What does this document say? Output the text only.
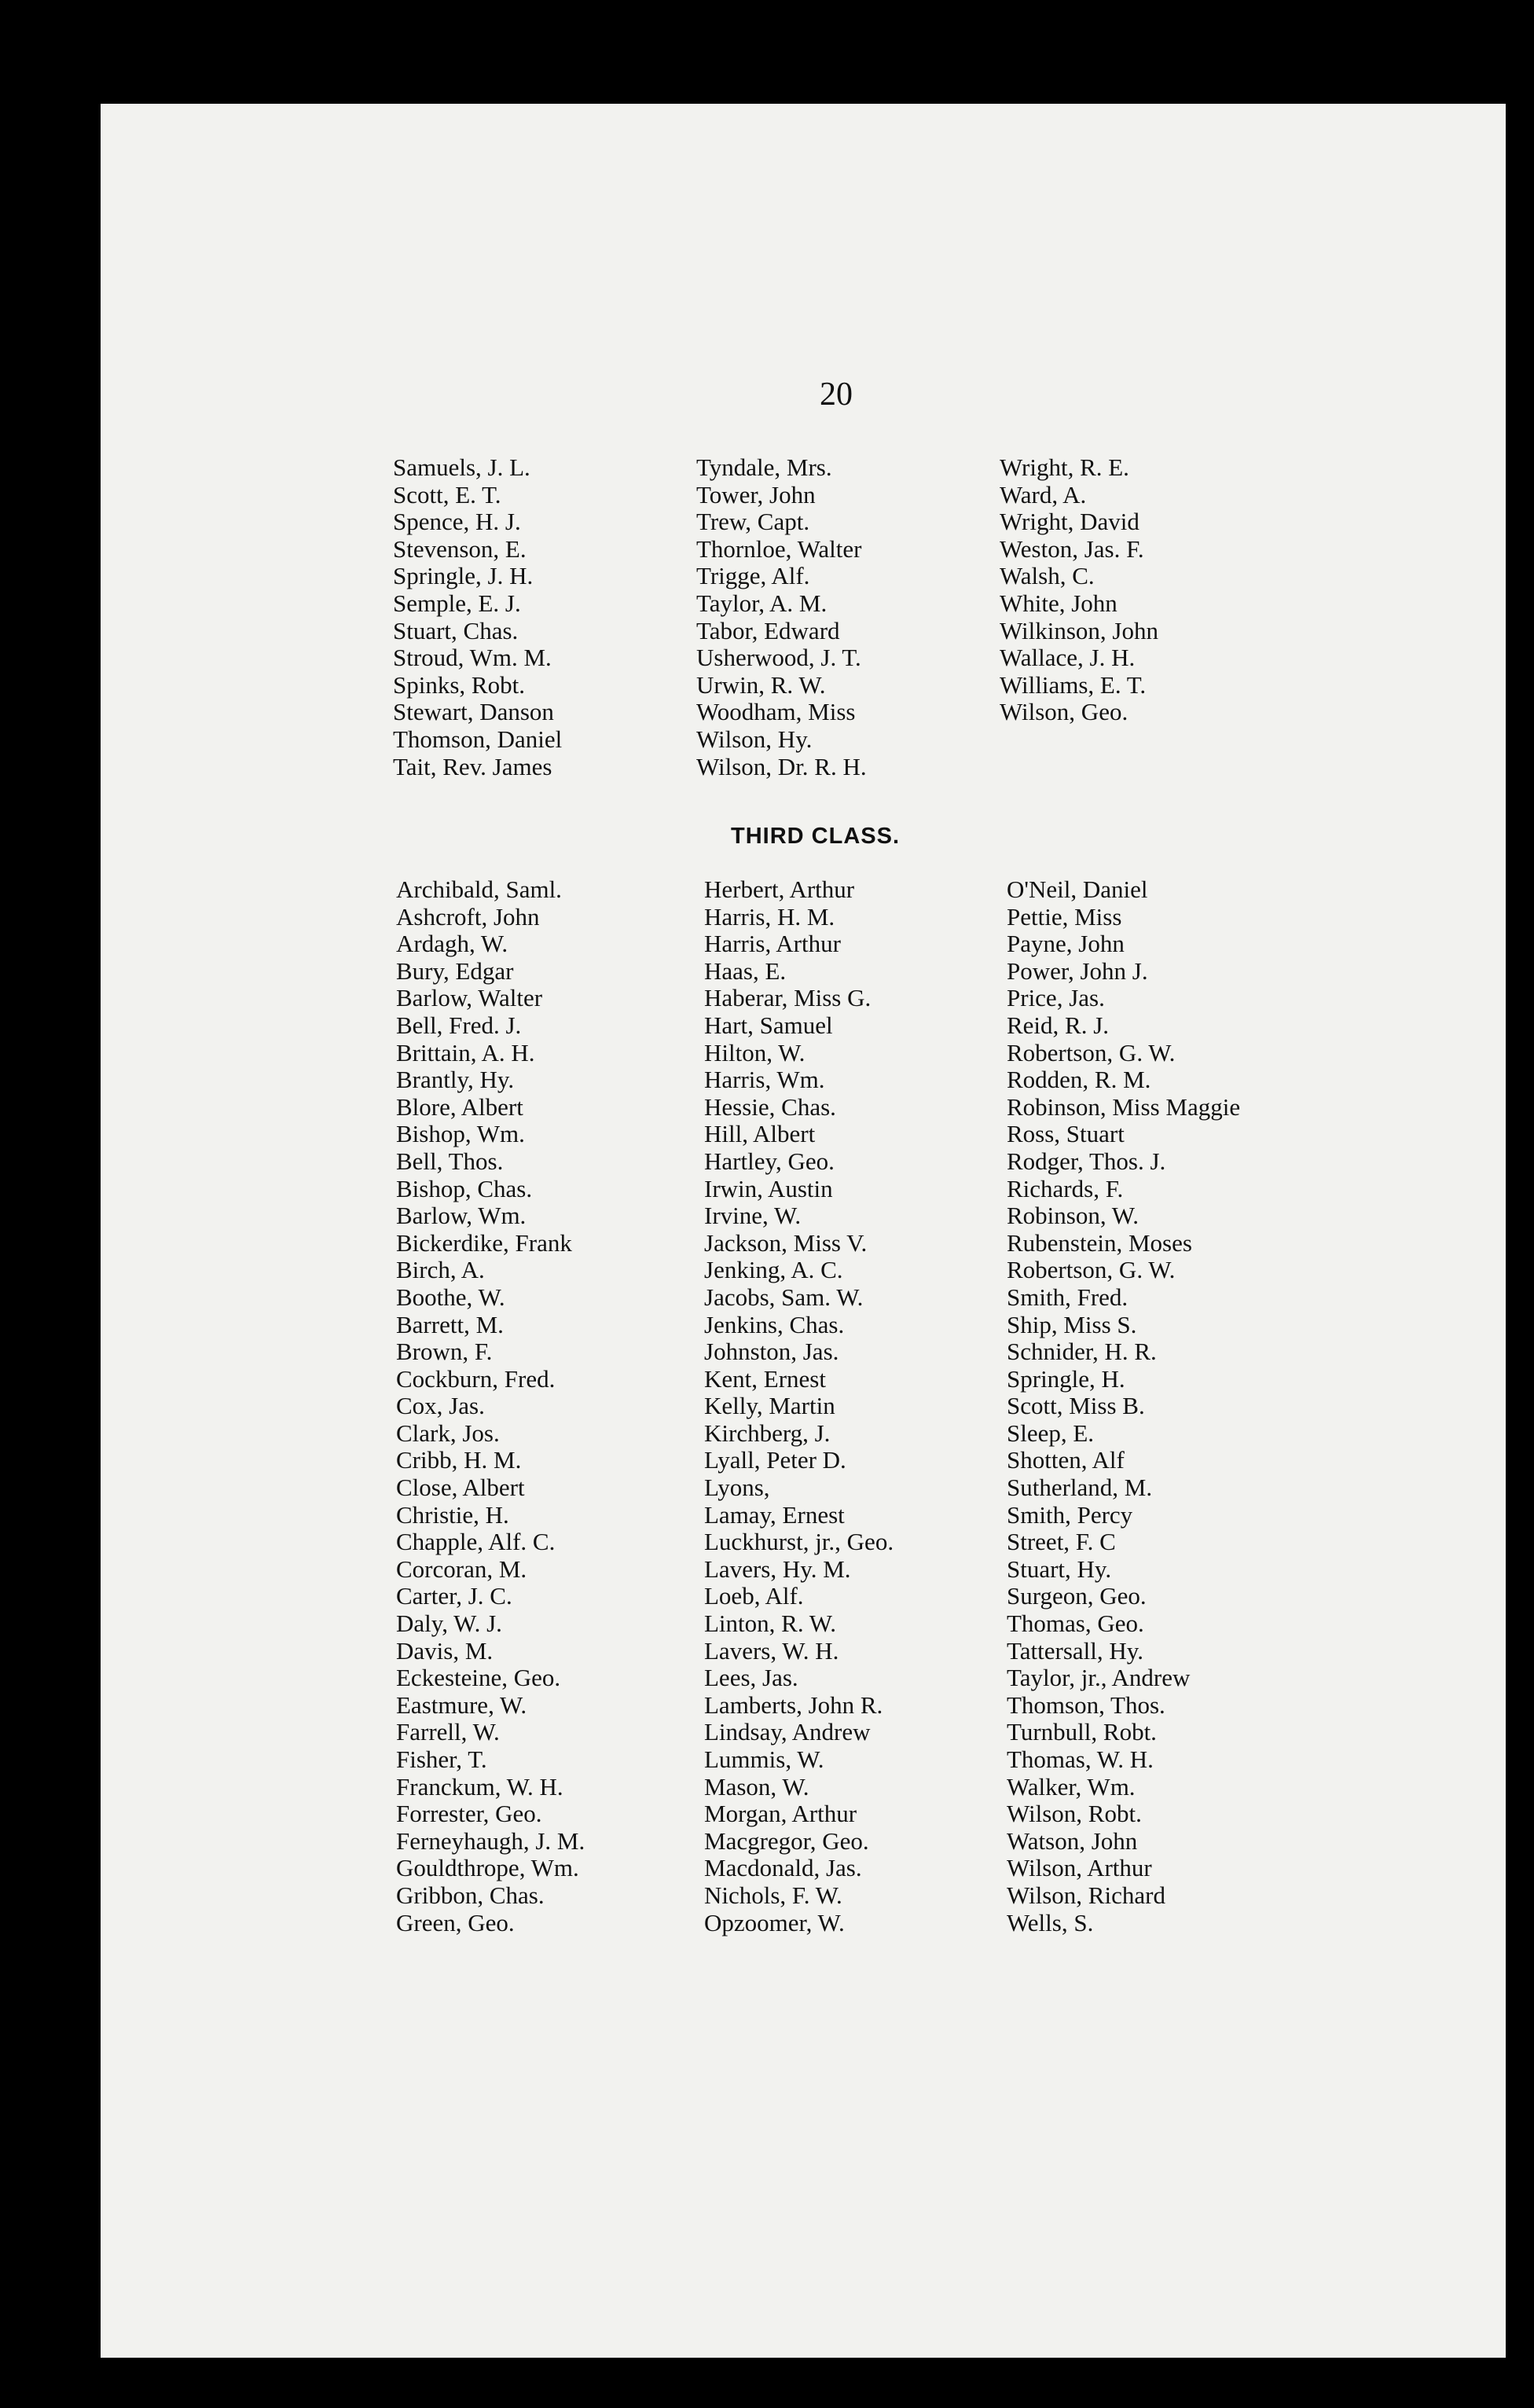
20
Samuels, J. L.
Scott, E. T.
Spence, H. J.
Stevenson, E.
Springle, J. H.
Semple, E. J.
Stuart, Chas.
Stroud, Wm. M.
Spinks, Robt.
Stewart, Danson
Thomson, Daniel
Tait, Rev. James
Tyndale, Mrs.
Tower, John
Trew, Capt.
Thornloe, Walter
Trigge, Alf.
Taylor, A. M.
Tabor, Edward
Usherwood, J. T.
Urwin, R. W.
Woodham, Miss
Wilson, Hy.
Wilson, Dr. R. H.
Wright, R. E.
Ward, A.
Wright, David
Weston, Jas. F.
Walsh, C.
White, John
Wilkinson, John
Wallace, J. H.
Williams, E. T.
Wilson, Geo.
THIRD CLASS.
Archibald, Saml.
Ashcroft, John
Ardagh, W.
Bury, Edgar
Barlow, Walter
Bell, Fred. J.
Brittain, A. H.
Brantly, Hy.
Blore, Albert
Bishop, Wm.
Bell, Thos.
Bishop, Chas.
Barlow, Wm.
Bickerdike, Frank
Birch, A.
Boothe, W.
Barrett, M.
Brown, F.
Cockburn, Fred.
Cox, Jas.
Clark, Jos.
Cribb, H. M.
Close, Albert
Christie, H.
Chapple, Alf. C.
Corcoran, M.
Carter, J. C.
Daly, W. J.
Davis, M.
Eckesteine, Geo.
Eastmure, W.
Farrell, W.
Fisher, T.
Franckum, W. H.
Forrester, Geo.
Ferneyhaugh, J. M.
Gouldthrope, Wm.
Gribbon, Chas.
Green, Geo.
Herbert, Arthur
Harris, H. M.
Harris, Arthur
Haas, E.
Haberar, Miss G.
Hart, Samuel
Hilton, W.
Harris, Wm.
Hessie, Chas.
Hill, Albert
Hartley, Geo.
Irwin, Austin
Irvine, W.
Jackson, Miss V.
Jenking, A. C.
Jacobs, Sam. W.
Jenkins, Chas.
Johnston, Jas.
Kent, Ernest
Kelly, Martin
Kirchberg, J.
Lyall, Peter D.
Lyons,
Lamay, Ernest
Luckhurst, jr., Geo.
Lavers, Hy. M.
Loeb, Alf.
Linton, R. W.
Lavers, W. H.
Lees, Jas.
Lamberts, John R.
Lindsay, Andrew
Lummis, W.
Mason, W.
Morgan, Arthur
Macgregor, Geo.
Macdonald, Jas.
Nichols, F. W.
Opzoomer, W.
O'Neil, Daniel
Pettie, Miss
Payne, John
Power, John J.
Price, Jas.
Reid, R. J.
Robertson, G. W.
Rodden, R. M.
Robinson, Miss Maggie
Ross, Stuart
Rodger, Thos. J.
Richards, F.
Robinson, W.
Rubenstein, Moses
Robertson, G. W.
Smith, Fred.
Ship, Miss S.
Schnider, H. R.
Springle, H.
Scott, Miss B.
Sleep, E.
Shotten, Alf
Sutherland, M.
Smith, Percy
Street, F. C
Stuart, Hy.
Surgeon, Geo.
Thomas, Geo.
Tattersall, Hy.
Taylor, jr., Andrew
Thomson, Thos.
Turnbull, Robt.
Thomas, W. H.
Walker, Wm.
Wilson, Robt.
Watson, John
Wilson, Arthur
Wilson, Richard
Wells, S.
